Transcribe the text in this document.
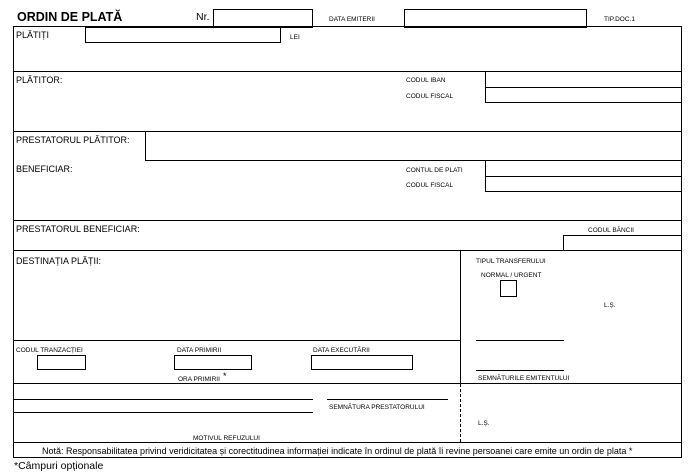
ORDIN DE PLATĂ	Nr.	DATA EMITERII	TIP.DOC.1
PLĂTIȚI	LEI
PLĂTITOR:	CODUL IBAN
CODUL FISCAL
PRESTATORUL PLĂTITOR:
BENEFICIAR:	CONTUL DE PLATI
CODUL FISCAL
PRESTATORUL BENEFICIAR:	CODUL BĂNCII
DESTINAȚIA PLĂȚII:	TIPUL TRANSFERULUI
NORMAL / URGENT
L.Ș.
SEMNĂTURILE EMITENTULUI
CODUL TRANZACȚIEI	DATA PRIMIRII	DATA EXECUTĂRII
ORA PRIMIRII *
SEMNĂTURA PRESTATORULUI
MOTIVUL REFUZULUI
L.Ș.
Notă: Responsabilitatea privind veridicitatea și corectitudinea informației indicate în ordinul de plată îi revine persoanei care emite un ordin de plata *
*Câmpuri opționale
